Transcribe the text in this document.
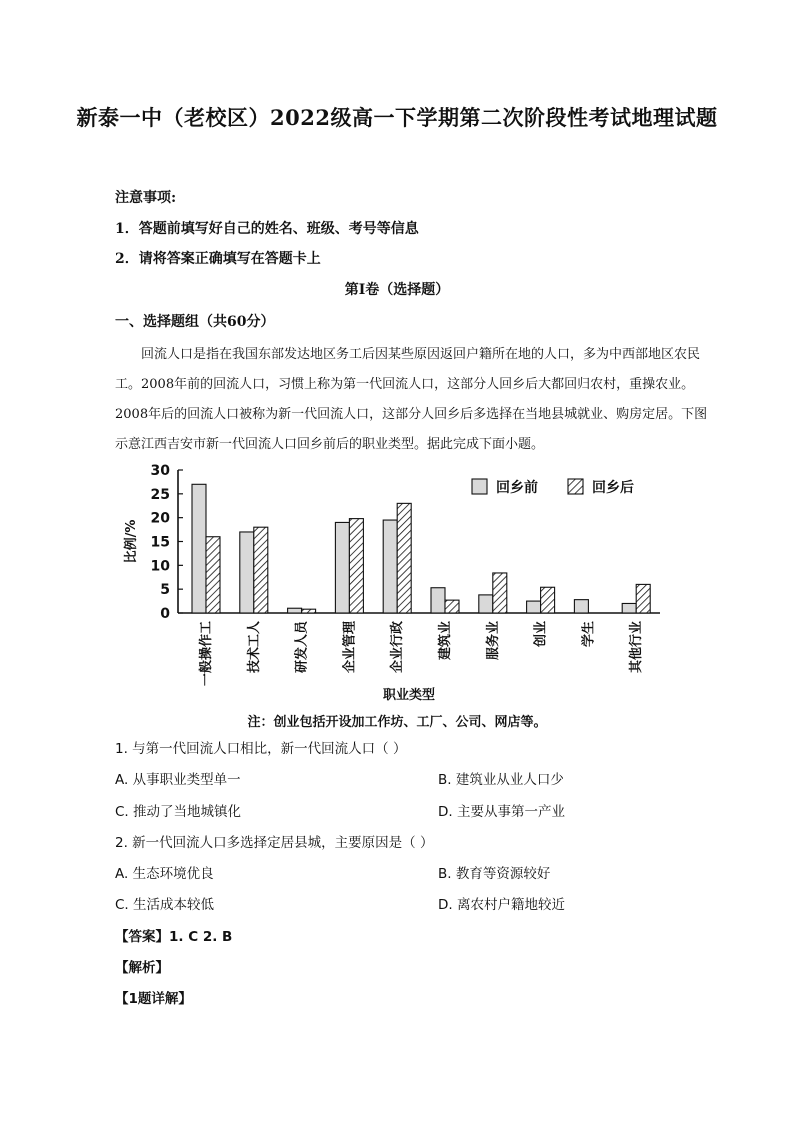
新泰一中（老校区）2022级高一下学期第二次阶段性考试地理试题
注意事项:
1．答题前填写好自己的姓名、班级、考号等信息
2．请将答案正确填写在答题卡上
第Ⅰ卷（选择题）
一、选择题组（共60分）
回流人口是指在我国东部发达地区务工后因某些原因返回户籍所在地的人口，多为中西部地区农民工。2008年前的回流人口，习惯上称为第一代回流人口，这部分人回乡后大都回归农村，重操农业。2008年后的回流人口被称为新一代回流人口，这部分人回乡后多选择在当地县城就业、购房定居。下图示意江西吉安市新一代回流人口回乡前后的职业类型。据此完成下面小题。
0
5
10
15
20
25
30
比例/%
一般操作工	技术工人	研发人员	企业管理	企业行政	建筑业	服务业	创业	学生	其他行业
职业类型
回乡前	回乡后
注：创业包括开设加工作坊、工厂、公司、网店等。
1. 与第一代回流人口相比，新一代回流人口（ ）
A. 从事职业类型单一	B. 建筑业从业人口少
C. 推动了当地城镇化	D. 主要从事第一产业
2. 新一代回流人口多选择定居县城，主要原因是（ ）
A. 生态环境优良	B. 教育等资源较好
C. 生活成本较低	D. 离农村户籍地较近
【答案】1. C 2. B
【解析】
【1题详解】
